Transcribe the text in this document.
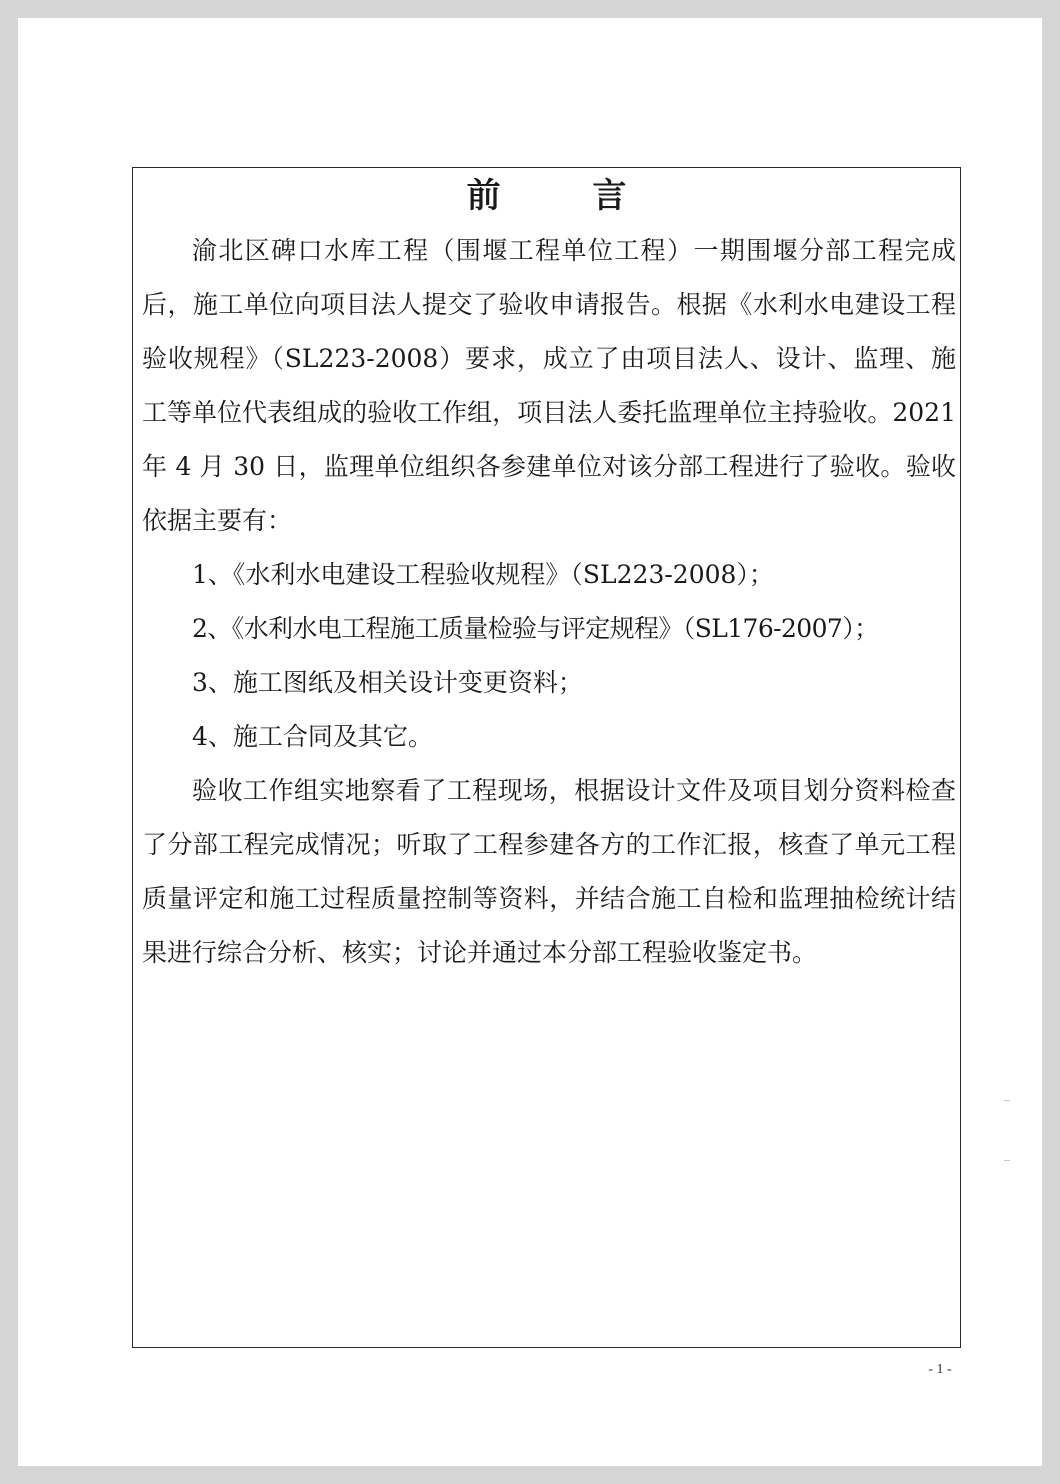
前 言

渝北区碑口水库工程（围堰工程单位工程）一期围堰分部工程完成后，施工单位向项目法人提交了验收申请报告。根据《水利水电建设工程验收规程》（SL223-2008）要求，成立了由项目法人、设计、监理、施工等单位代表组成的验收工作组，项目法人委托监理单位主持验收。2021 年 4 月 30 日，监理单位组织各参建单位对该分部工程进行了验收。验收依据主要有：

1、《水利水电建设工程验收规程》（SL223-2008）；

2、《水利水电工程施工质量检验与评定规程》（SL176-2007）；

3、施工图纸及相关设计变更资料；

4、施工合同及其它。

验收工作组实地察看了工程现场，根据设计文件及项目划分资料检查了分部工程完成情况；听取了工程参建各方的工作汇报，核查了单元工程质量评定和施工过程质量控制等资料，并结合施工自检和监理抽检统计结果进行综合分析、核实；讨论并通过本分部工程验收鉴定书。

- 1 -
